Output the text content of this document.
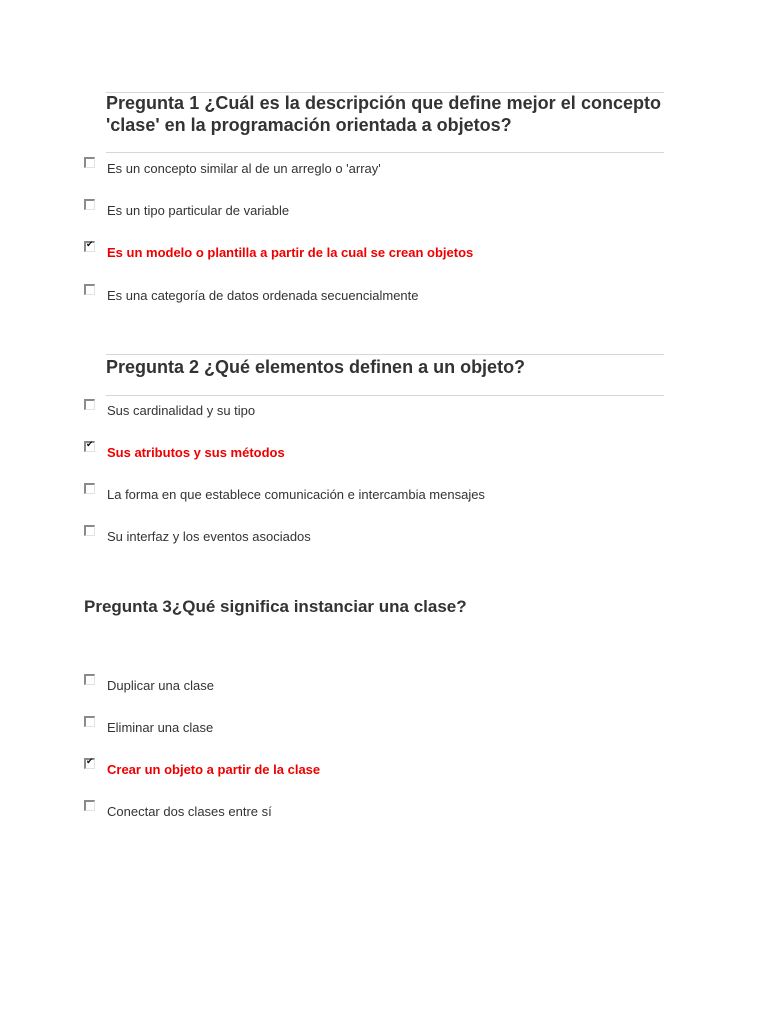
Pregunta 1 ¿Cuál es la descripción que define mejor el concepto 'clase' en la programación orientada a objetos?
Es un concepto similar al de un arreglo o 'array'
Es un tipo particular de variable
✔
Es un modelo o plantilla a partir de la cual se crean objetos
Es una categoría de datos ordenada secuencialmente
Pregunta 2 ¿Qué elementos definen a un objeto?
Sus cardinalidad y su tipo
✔
Sus atributos y sus métodos
La forma en que establece comunicación e intercambia mensajes
Su interfaz y los eventos asociados
Pregunta 3¿Qué significa instanciar una clase?
Duplicar una clase
Eliminar una clase
✔
Crear un objeto a partir de la clase
Conectar dos clases entre sí
